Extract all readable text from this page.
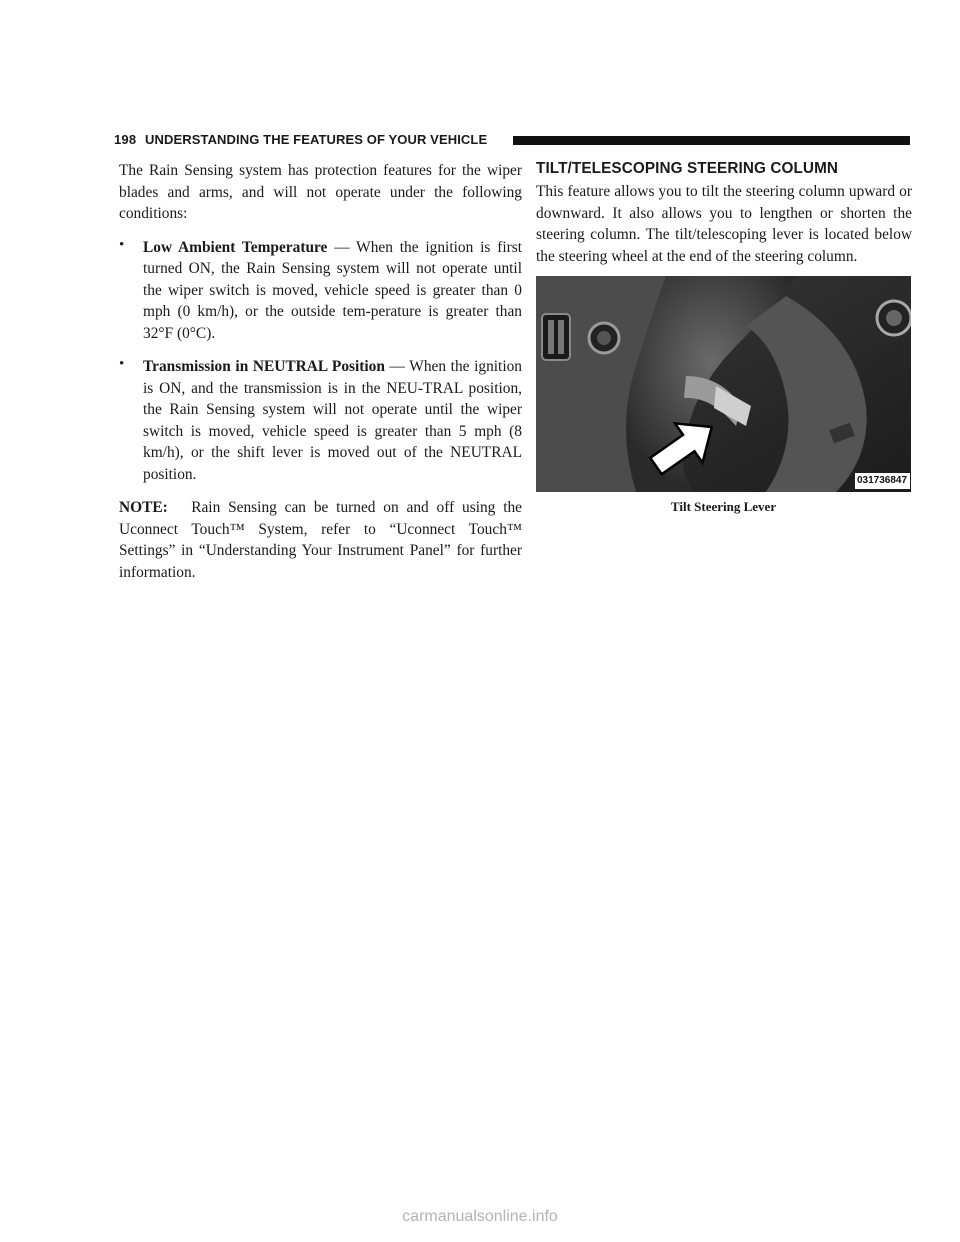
198 UNDERSTANDING THE FEATURES OF YOUR VEHICLE

The Rain Sensing system has protection features for the wiper blades and arms, and will not operate under the following conditions:

• Low Ambient Temperature — When the ignition is first turned ON, the Rain Sensing system will not operate until the wiper switch is moved, vehicle speed is greater than 0 mph (0 km/h), or the outside tem-perature is greater than 32°F (0°C).

• Transmission in NEUTRAL Position — When the ignition is ON, and the transmission is in the NEU-TRAL position, the Rain Sensing system will not operate until the wiper switch is moved, vehicle speed is greater than 5 mph (8 km/h), or the shift lever is moved out of the NEUTRAL position.

NOTE: Rain Sensing can be turned on and off using the Uconnect Touch™ System, refer to “Uconnect Touch™ Settings” in “Understanding Your Instrument Panel” for further information.

TILT/TELESCOPING STEERING COLUMN

This feature allows you to tilt the steering column upward or downward. It also allows you to lengthen or shorten the steering column. The tilt/telescoping lever is located below the steering wheel at the end of the steering column.

031736847
Tilt Steering Lever
carmanualsonline.info
